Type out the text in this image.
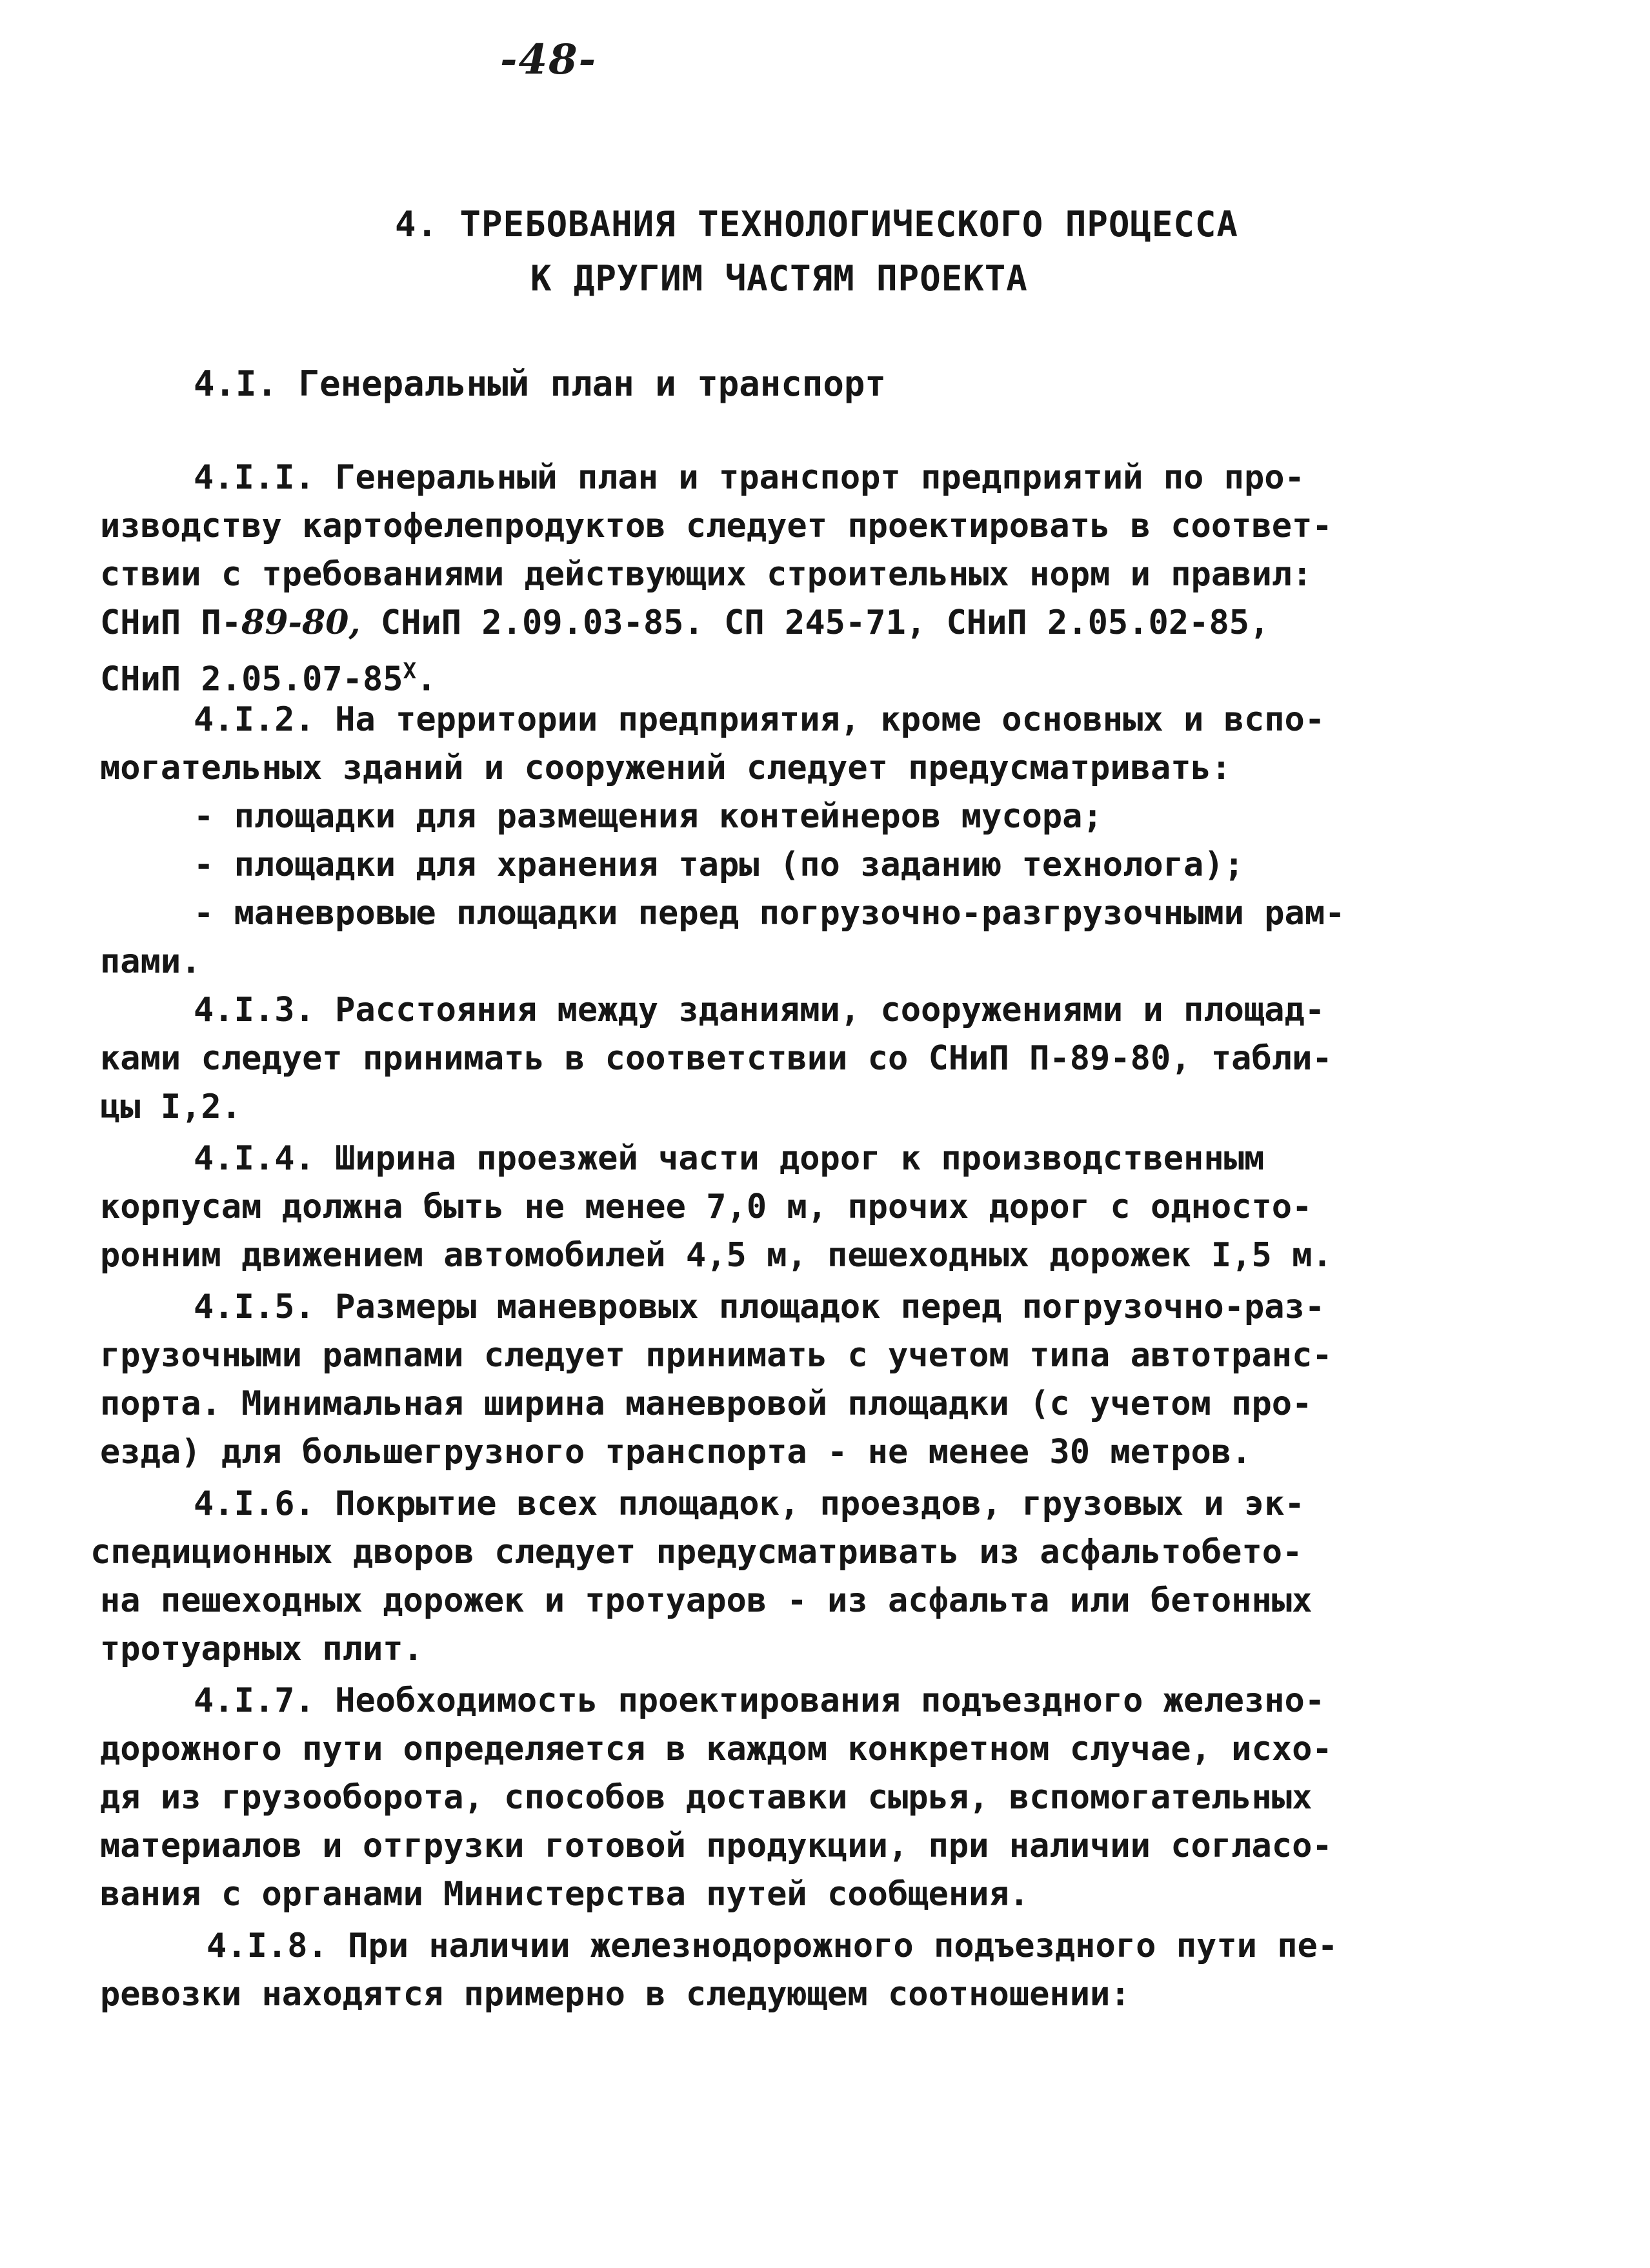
-48-
4. ТРЕБОВАНИЯ ТЕХНОЛОГИЧЕСКОГО ПРОЦЕССА
К ДРУГИМ ЧАСТЯМ ПРОЕКТА
4.I. Генеральный план и транспорт
4.I.I. Генеральный план и транспорт предприятий по про-
изводству картофелепродуктов следует проектировать в соответ-
ствии с требованиями действующих строительных норм и правил:
СНиП П-89-80, СНиП 2.09.03-85. СП 245-71, СНиП 2.05.02-85,
СНиП $2.05.07-85^Х$.
4.I.2. На территории предприятия, кроме основных и вспо-
могательных зданий и сооружений следует предусматривать:
- площадки для размещения контейнеров мусора;
- площадки для хранения тары (по заданию технолога);
- маневровые площадки перед погрузочно-разгрузочными рам-
пами.
4.I.3. Расстояния между зданиями, сооружениями и площад-
ками следует принимать в соответствии со СНиП П-89-80, табли-
цы I,2.
4.I.4. Ширина проезжей части дорог к производственным
корпусам должна быть не менее 7,0 м, прочих дорог с односто-
ронним движением автомобилей 4,5 м, пешеходных дорожек I,5 м.
4.I.5. Размеры маневровых площадок перед погрузочно-раз-
грузочными рампами следует принимать с учетом типа автотранс-
порта. Минимальная ширина маневровой площадки (с учетом про-
езда) для большегрузного транспорта - не менее 30 метров.
4.I.6. Покрытие всех площадок, проездов, грузовых и эк-
спедиционных дворов следует предусматривать из асфальтобето-
на пешеходных дорожек и тротуаров - из асфальта или бетонных
тротуарных плит.
4.I.7. Необходимость проектирования подъездного железно-
дорожного пути определяется в каждом конкретном случае, исхо-
дя из грузооборота, способов доставки сырья, вспомогательных
материалов и отгрузки готовой продукции, при наличии согласо-
вания с органами Министерства путей сообщения.
4.I.8. При наличии железнодорожного подъездного пути пе-
ревозки находятся примерно в следующем соотношении:
